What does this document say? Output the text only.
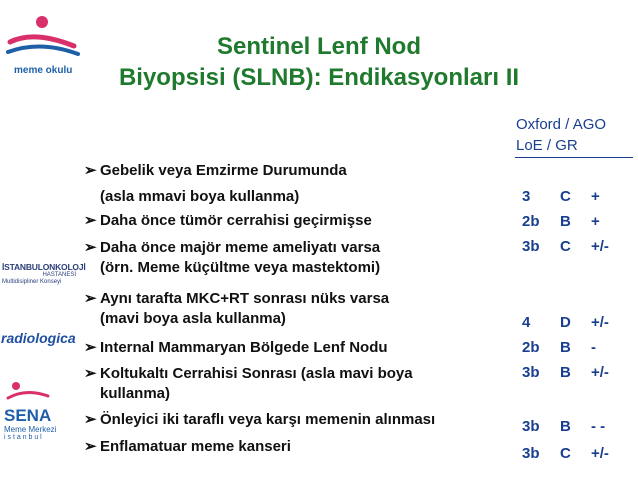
meme okulu
İSTANBULONKOLOJİ
HASTANESİ
Multidisipliner Konseyi
radiologica
SENA
Meme Merkezi
i s t a n b u l
Sentinel Lenf Nod
Biyopsisi (SLNB): Endikasyonları II
Oxford / AGO
LoE / GR
➢ Gebelik veya Emzirme Durumunda
(asla mmavi boya kullanma)	3 C +
➢ Daha önce tümör cerrahisi geçirmişse	2b B +
➢ Daha önce majör meme ameliyatı varsa
(örn. Meme küçültme veya mastektomi)
3b C +/-
➢ Aynı tarafta MKC+RT sonrası nüks varsa
(mavi boya asla kullanma)	4 D +/-
➢ Internal Mammaryan Bölgede Lenf Nodu	2b B -
➢ Koltukaltı Cerrahisi Sonrası (asla mavi boya
kullanma)
3b B +/-
➢ Önleyici iki taraflı veya karşı memenin alınması	3b B - -
➢ Enflamatuar meme kanseri	3b C +/-
